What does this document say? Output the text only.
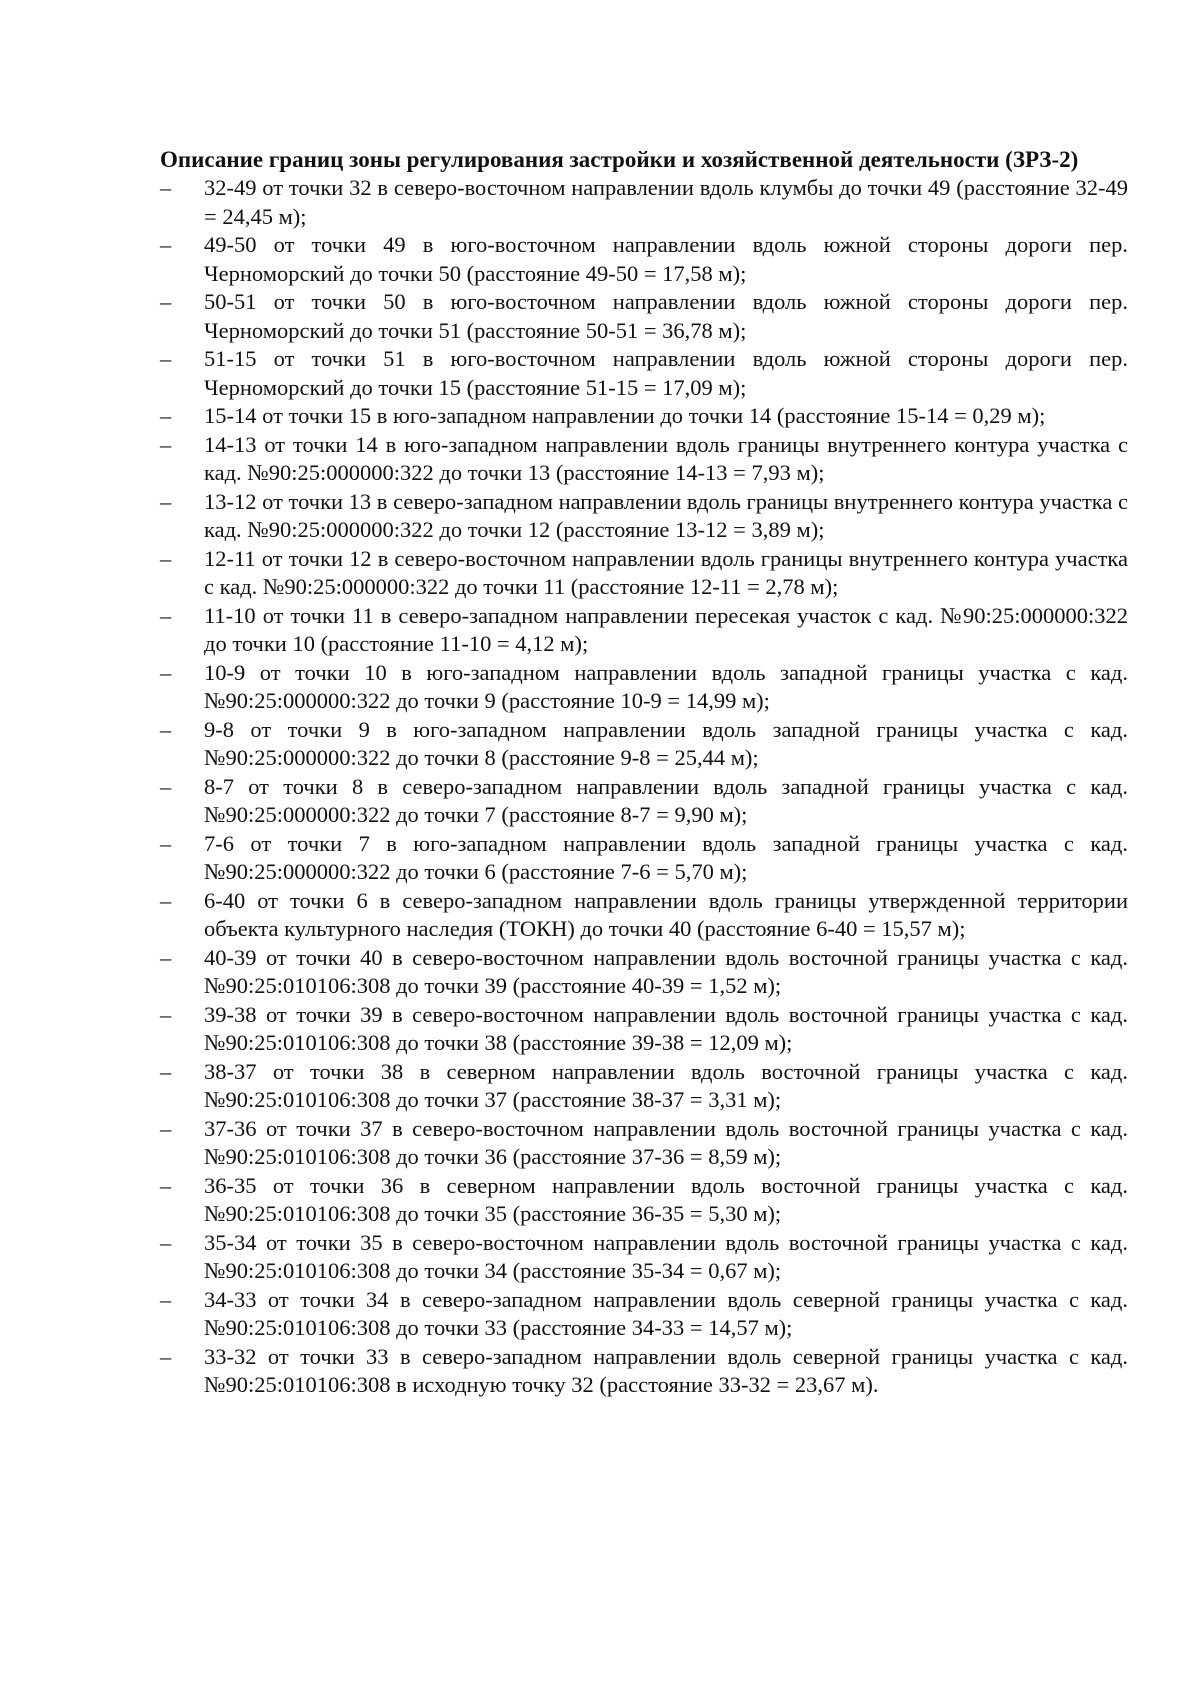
Описание границ зоны регулирования застройки и хозяйственной деятельности (ЗРЗ-2)
– 32-49 от точки 32 в северо-восточном направлении вдоль клумбы до точки 49 (расстояние 32-49 = 24,45 м);
– 49-50 от точки 49 в юго-восточном направлении вдоль южной стороны дороги пер. Черноморский до точки 50 (расстояние 49-50 = 17,58 м);
– 50-51 от точки 50 в юго-восточном направлении вдоль южной стороны дороги пер. Черноморский до точки 51 (расстояние 50-51 = 36,78 м);
– 51-15 от точки 51 в юго-восточном направлении вдоль южной стороны дороги пер. Черноморский до точки 15 (расстояние 51-15 = 17,09 м);
– 15-14 от точки 15 в юго-западном направлении до точки 14 (расстояние 15-14 = 0,29 м);
– 14-13 от точки 14 в юго-западном направлении вдоль границы внутреннего контура участка с кад. №90:25:000000:322 до точки 13 (расстояние 14-13 = 7,93 м);
– 13-12 от точки 13 в северо-западном направлении вдоль границы внутреннего контура участка с кад. №90:25:000000:322 до точки 12 (расстояние 13-12 = 3,89 м);
– 12-11 от точки 12 в северо-восточном направлении вдоль границы внутреннего контура участка с кад. №90:25:000000:322 до точки 11 (расстояние 12-11 = 2,78 м);
– 11-10 от точки 11 в северо-западном направлении пересекая участок с кад. №90:25:000000:322 до точки 10 (расстояние 11-10 = 4,12 м);
– 10-9 от точки 10 в юго-западном направлении вдоль западной границы участка с кад. №90:25:000000:322 до точки 9 (расстояние 10-9 = 14,99 м);
– 9-8 от точки 9 в юго-западном направлении вдоль западной границы участка с кад. №90:25:000000:322 до точки 8 (расстояние 9-8 = 25,44 м);
– 8-7 от точки 8 в северо-западном направлении вдоль западной границы участка с кад. №90:25:000000:322 до точки 7 (расстояние 8-7 = 9,90 м);
– 7-6 от точки 7 в юго-западном направлении вдоль западной границы участка с кад. №90:25:000000:322 до точки 6 (расстояние 7-6 = 5,70 м);
– 6-40 от точки 6 в северо-западном направлении вдоль границы утвержденной территории объекта культурного наследия (ТОКН) до точки 40 (расстояние 6-40 = 15,57 м);
– 40-39 от точки 40 в северо-восточном направлении вдоль восточной границы участка с кад. №90:25:010106:308 до точки 39 (расстояние 40-39 = 1,52 м);
– 39-38 от точки 39 в северо-восточном направлении вдоль восточной границы участка с кад. №90:25:010106:308 до точки 38 (расстояние 39-38 = 12,09 м);
– 38-37 от точки 38 в северном направлении вдоль восточной границы участка с кад. №90:25:010106:308 до точки 37 (расстояние 38-37 = 3,31 м);
– 37-36 от точки 37 в северо-восточном направлении вдоль восточной границы участка с кад. №90:25:010106:308 до точки 36 (расстояние 37-36 = 8,59 м);
– 36-35 от точки 36 в северном направлении вдоль восточной границы участка с кад. №90:25:010106:308 до точки 35 (расстояние 36-35 = 5,30 м);
– 35-34 от точки 35 в северо-восточном направлении вдоль восточной границы участка с кад. №90:25:010106:308 до точки 34 (расстояние 35-34 = 0,67 м);
– 34-33 от точки 34 в северо-западном направлении вдоль северной границы участка с кад. №90:25:010106:308 до точки 33 (расстояние 34-33 = 14,57 м);
– 33-32 от точки 33 в северо-западном направлении вдоль северной границы участка с кад. №90:25:010106:308 в исходную точку 32 (расстояние 33-32 = 23,67 м).
